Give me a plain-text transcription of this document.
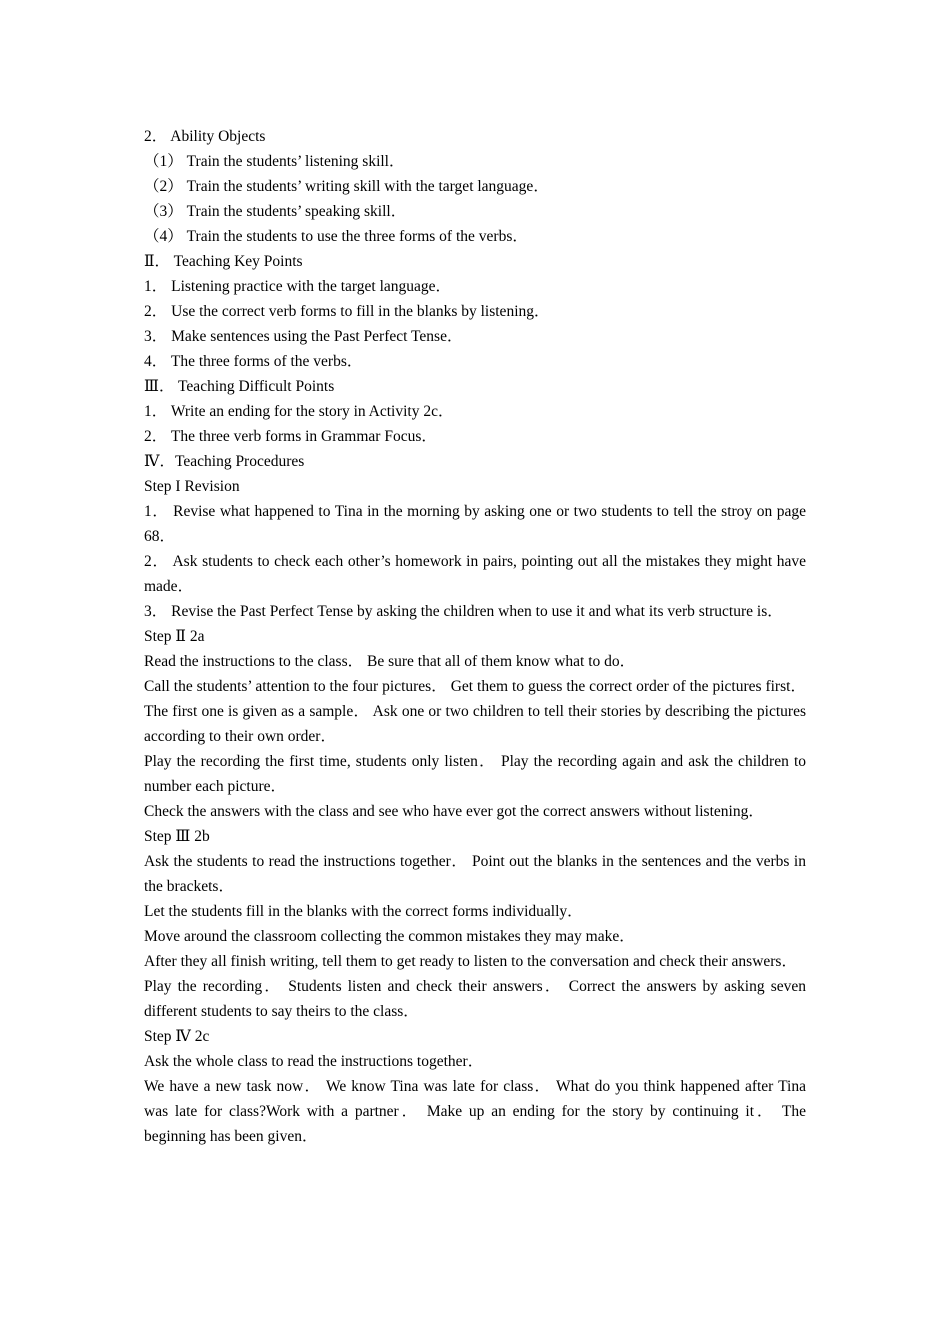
2． Ability Objects

（1） Train the students’ listening skill．

（2） Train the students’ writing skill with the target language．

（3） Train the students’ speaking skill．

（4） Train the students to use the three forms of the verbs．

Ⅱ． Teaching Key Points

1． Listening practice with the target language．

2． Use the correct verb forms to fill in the blanks by listening．

3． Make sentences using the Past Perfect Tense．

4． The three forms of the verbs．

Ⅲ． Teaching Difficult Points

1． Write an ending for the story in Activity 2c．

2． The three verb forms in Grammar Focus．

Ⅳ．Teaching Procedures

Step I Revision

1． Revise what happened to Tina in the morning by asking one or two students to tell the stroy on page 68．

2． Ask students to check each other’s homework in pairs, pointing out all the mistakes they might have made．

3． Revise the Past Perfect Tense by asking the children when to use it and what its verb structure is．

Step Ⅱ 2a

Read the instructions to the class． Be sure that all of them know what to do．

Call the students’ attention to the four pictures． Get them to guess the correct order of the pictures first． The first one is given as a sample． Ask one or two children to tell their stories by describing the pictures according to their own order．

Play the recording the first time, students only listen． Play the recording again and ask the children to number each picture．

Check the answers with the class and see who have ever got the correct answers without listening．

Step Ⅲ 2b

Ask the students to read the instructions together． Point out the blanks in the sentences and the verbs in the brackets．

Let the students fill in the blanks with the correct forms individually．

Move around the classroom collecting the common mistakes they may make．

After they all finish writing, tell them to get ready to listen to the conversation and check their answers．

Play the recording． Students listen and check their answers． Correct the answers by asking seven different students to say theirs to the class．

Step Ⅳ 2c

Ask the whole class to read the instructions together．

We have a new task now． We know Tina was late for class． What do you think happened after Tina was late for class?Work with a partner． Make up an ending for the story by continuing it． The beginning has been given．
